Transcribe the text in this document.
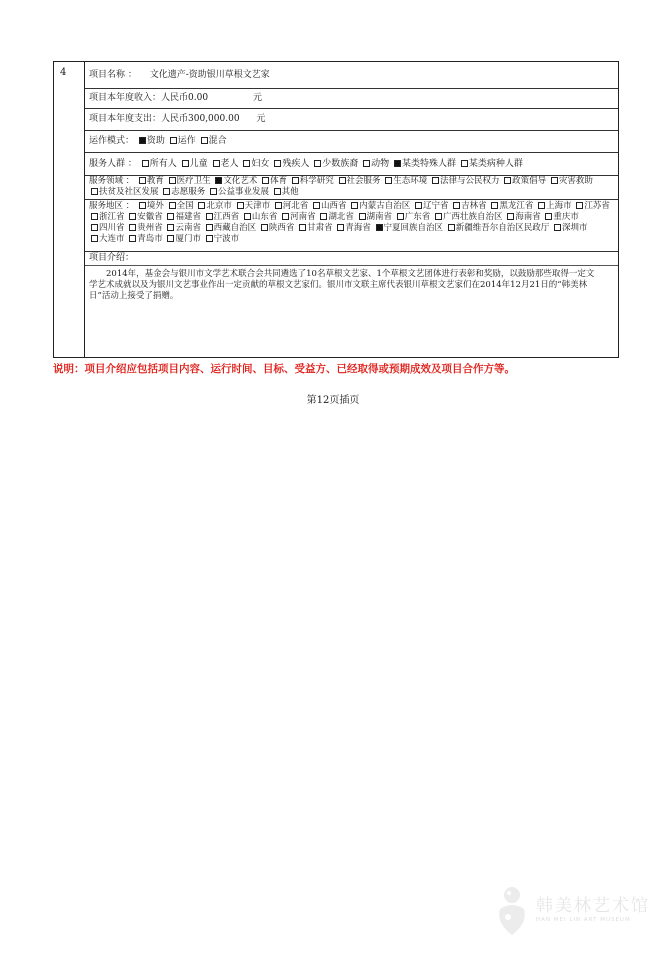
4	项目名称 ： 文化遗产-资助银川草根文艺家
项目本年度收入：人民币0.00	元
项目本年度支出：人民币300,000.00 元
运作模式： 资助 运作 混合
服务人群 ： 所有人 儿童 老人 妇女 残疾人 少数族裔 动物 某类特殊人群 某类病种人群
服务领域 ： 教育 医疗卫生 文化艺术 体育 科学研究 社会服务 生态环境 法律与公民权力 政策倡导 灾害救助 扶贫及社区发展 志愿服务 公益事业发展 其他
服务地区 ： 境外 全国 北京市 天津市 河北省 山西省 内蒙古自治区 辽宁省 吉林省 黑龙江省 上海市 江苏省 浙江省 安徽省 福建省 江西省 山东省 河南省 湖北省 湖南省 广东省 广西壮族自治区 海南省 重庆市 四川省 贵州省 云南省 西藏自治区 陕西省 甘肃省 青海省 宁夏回族自治区 新疆维吾尔自治区民政厅 深圳市 大连市 青岛市 厦门市 宁波市
项目介绍：
2014年，基金会与银川市文学艺术联合会共同遴选了10名草根文艺家、1个草根文艺团体进行表彰和奖励，以鼓励那些取得一定文学艺术成就以及为银川文艺事业作出一定贡献的草根文艺家们。银川市文联主席代表银川草根文艺家们在2014年12月21日的“韩美林日”活动上接受了捐赠。
说明：项目介绍应包括项目内容、运行时间、目标、受益方、已经取得或预期成效及项目合作方等。
第12页插页
韩美林艺术馆
HAN MEI LIN ART MUSEUM
